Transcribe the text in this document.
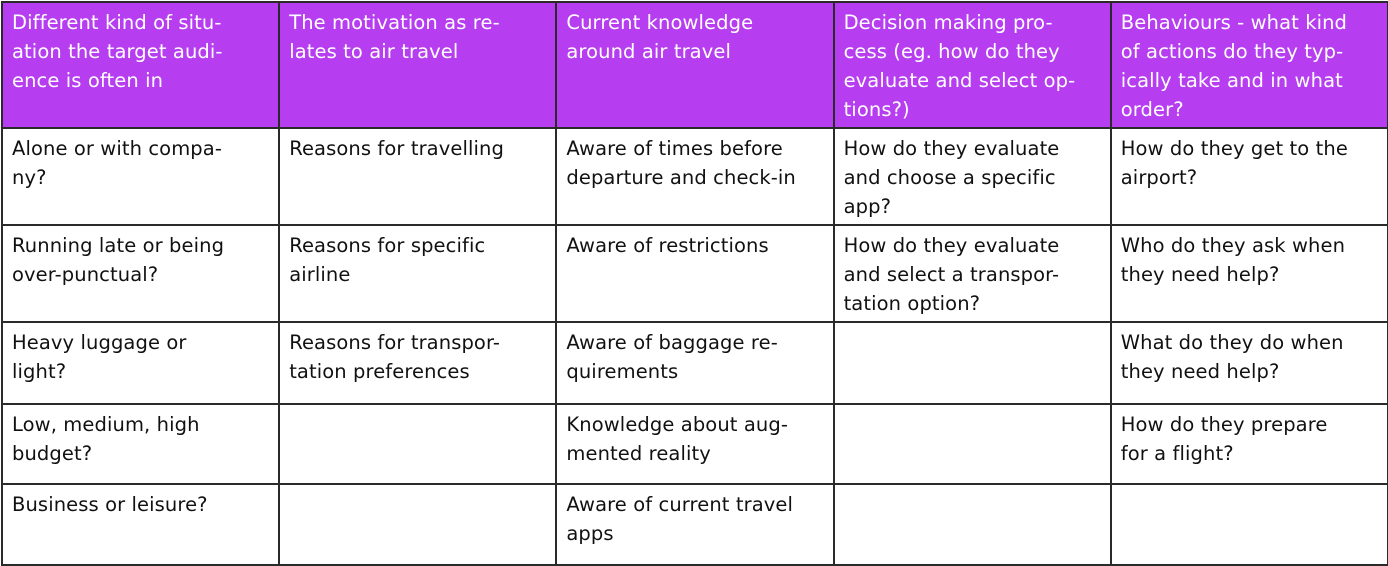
Different kind of situ-
ation the target audi-
ence is often in	The motivation as re-
lates to air travel	Current knowledge
around air travel	Decision making pro-
cess (eg. how do they
evaluate and select op-
tions?)	Behaviours - what kind
of actions do they typ-
ically take and in what
order?
Alone or with compa-
ny?	Reasons for travelling	Aware of times before
departure and check-in	How do they evaluate
and choose a specific
app?	How do they get to the
airport?
Running late or being
over-punctual?	Reasons for specific
airline	Aware of restrictions	How do they evaluate
and select a transpor-
tation option?	Who do they ask when
they need help?
Heavy luggage or
light?	Reasons for transpor-
tation preferences	Aware of baggage re-
quirements		What do they do when
they need help?
Low, medium, high
budget?		Knowledge about aug-
mented reality		How do they prepare
for a flight?
Business or leisure?		Aware of current travel
apps		
